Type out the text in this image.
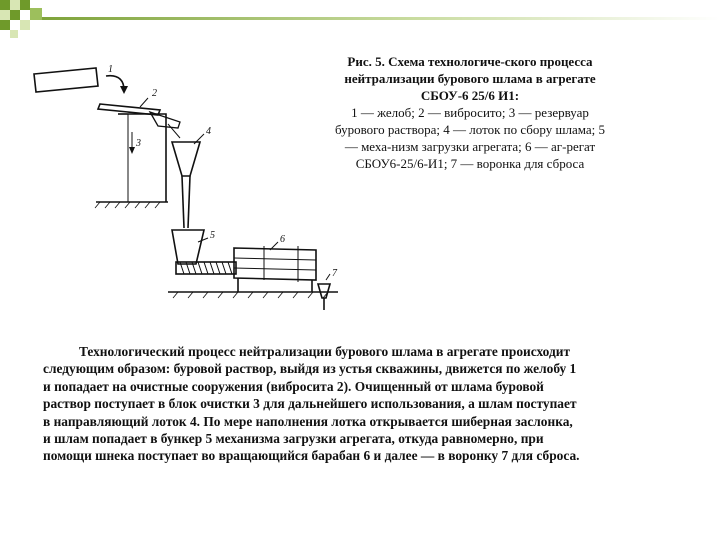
1
2
3
4
5	6
7
Рис. 5. Схема технологиче-ского процесса
нейтрализации бурового шлама в агрегате
СБОУ-6 25/6 И1:
1 — желоб; 2 — вибросито; 3 — резервуар
бурового раствора; 4 — лоток по сбору шлама; 5
— меха-низм загрузки агрегата; 6 — аг-регат
СБОУ6-25/6-И1; 7 — воронка для сброса
Технологический процесс нейтрализации бурового шлама в агрегате происходит
следующим образом: буровой раствор, выйдя из устья скважины, движется по желобу 1
и попадает на очистные сооружения (вибросита 2). Очищенный от шлама буровой
раствор поступает в блок очистки 3 для дальнейшего использования, а шлам поступает
в направляющий лоток 4. По мере наполнения лотка открывается шиберная заслонка,
и шлам попадает в бункер 5 механизма загрузки агрегата, откуда равномерно, при
помощи шнека поступает во вращающийся барабан 6 и далее — в воронку 7 для сброса.
